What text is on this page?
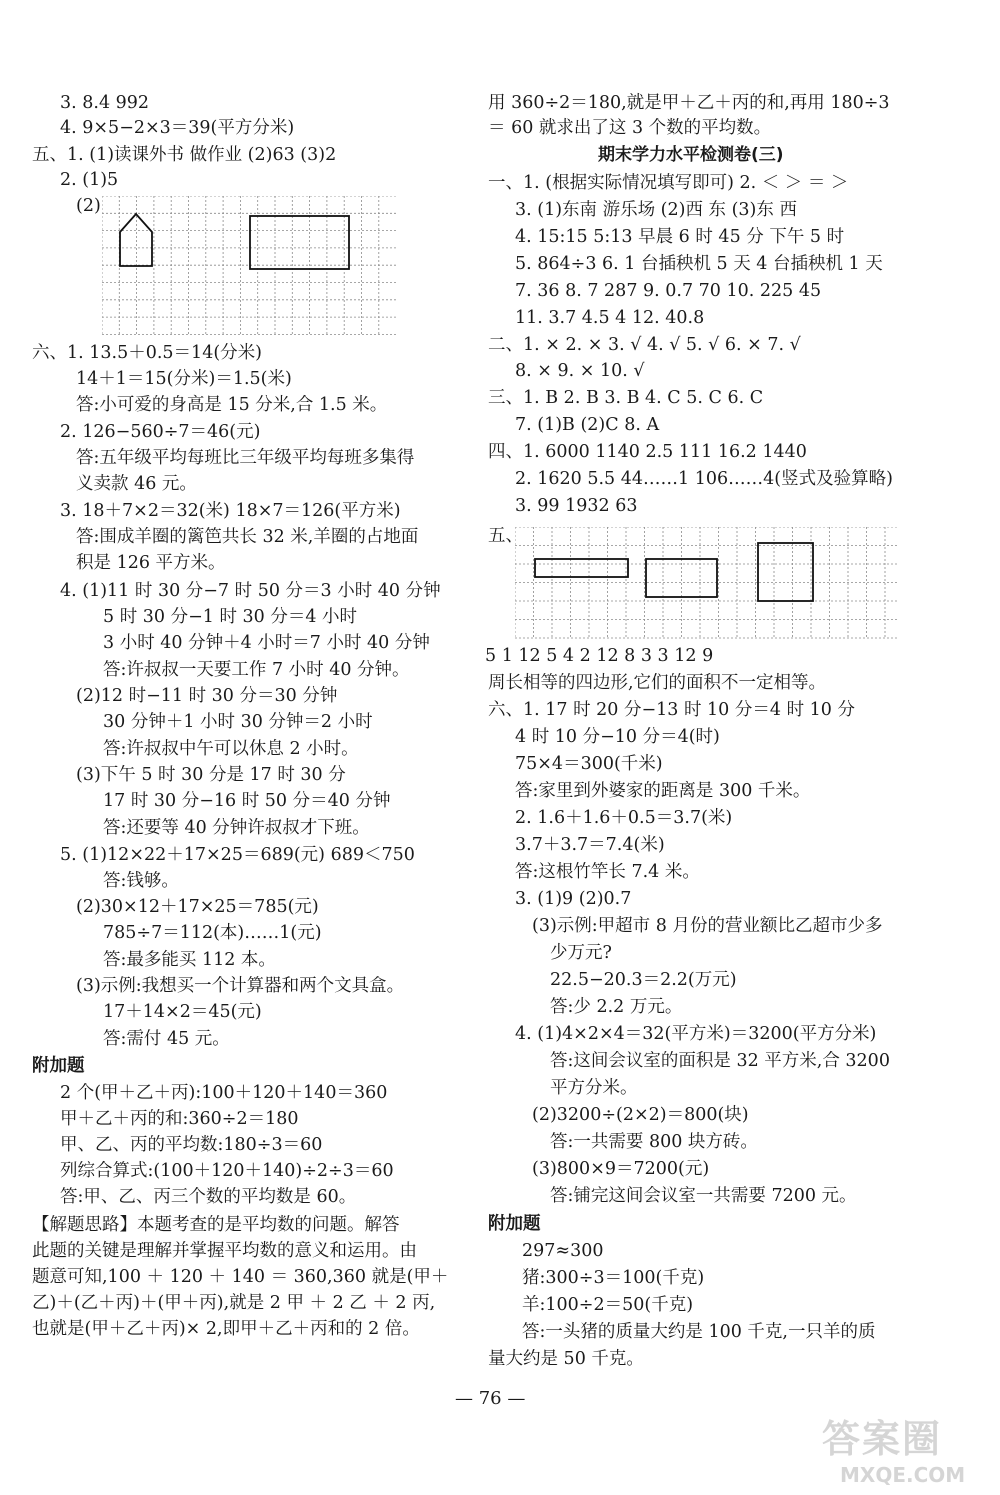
3. 8.4 992
4. 9×5−2×3＝39(平方分米)
五、1. (1)读课外书 做作业 (2)63 (3)2
2. (1)5
(2)
六、1. 13.5＋0.5＝14(分米)
14＋1＝15(分米)＝1.5(米)
答:小可爱的身高是 15 分米,合 1.5 米。
2. 126−560÷7＝46(元)
答:五年级平均每班比三年级平均每班多集得
义卖款 46 元。
3. 18＋7×2＝32(米) 18×7＝126(平方米)
答:围成羊圈的篱笆共长 32 米,羊圈的占地面
积是 126 平方米。
4. (1)11 时 30 分−7 时 50 分＝3 小时 40 分钟
5 时 30 分−1 时 30 分＝4 小时
3 小时 40 分钟＋4 小时＝7 小时 40 分钟
答:许叔叔一天要工作 7 小时 40 分钟。
(2)12 时−11 时 30 分＝30 分钟
30 分钟＋1 小时 30 分钟＝2 小时
答:许叔叔中午可以休息 2 小时。
(3)下午 5 时 30 分是 17 时 30 分
17 时 30 分−16 时 50 分＝40 分钟
答:还要等 40 分钟许叔叔才下班。
5. (1)12×22＋17×25＝689(元) 689＜750
答:钱够。
(2)30×12＋17×25＝785(元)
785÷7＝112(本)……1(元)
答:最多能买 112 本。
(3)示例:我想买一个计算器和两个文具盒。
17＋14×2＝45(元)
答:需付 45 元。
附加题
2 个(甲＋乙＋丙):100＋120＋140＝360
甲＋乙＋丙的和:360÷2＝180
甲、乙、丙的平均数:180÷3＝60
列综合算式:(100＋120＋140)÷2÷3＝60
答:甲、乙、丙三个数的平均数是 60。
【解题思路】本题考查的是平均数的问题。解答
此题的关键是理解并掌握平均数的意义和运用。由
题意可知,100 ＋ 120 ＋ 140 ＝ 360,360 就是(甲＋
乙)＋(乙＋丙)＋(甲＋丙),就是 2 甲 ＋ 2 乙 ＋ 2 丙,
也就是(甲＋乙＋丙)× 2,即甲＋乙＋丙和的 2 倍。
用 360÷2＝180,就是甲＋乙＋丙的和,再用 180÷3
＝ 60 就求出了这 3 个数的平均数。
期末学力水平检测卷(三)
一、1. (根据实际情况填写即可) 2. ＜ ＞ ＝ ＞
3. (1)东南 游乐场 (2)西 东 (3)东 西
4. 15:15 5:13 早晨 6 时 45 分 下午 5 时
5. 864÷3 6. 1 台插秧机 5 天 4 台插秧机 1 天
7. 36 8. 7 287 9. 0.7 70 10. 225 45
11. 3.7 4.5 4 12. 40.8
二、1. × 2. × 3. √ 4. √ 5. √ 6. × 7. √
8. × 9. × 10. √
三、1. B 2. B 3. B 4. C 5. C 6. C
7. (1)B (2)C 8. A
四、1. 6000 1140 2.5 111 16.2 1440
2. 1620 5.5 44……1 106……4(竖式及验算略)
3. 99 1932 63
五、
5 1 12 5 4 2 12 8 3 3 12 9
周长相等的四边形,它们的面积不一定相等。
六、1. 17 时 20 分−13 时 10 分＝4 时 10 分
4 时 10 分−10 分＝4(时)
75×4＝300(千米)
答:家里到外婆家的距离是 300 千米。
2. 1.6＋1.6＋0.5＝3.7(米)
3.7＋3.7＝7.4(米)
答:这根竹竿长 7.4 米。
3. (1)9 (2)0.7
(3)示例:甲超市 8 月份的营业额比乙超市少多
少万元?
22.5−20.3＝2.2(万元)
答:少 2.2 万元。
4. (1)4×2×4＝32(平方米)＝3200(平方分米)
答:这间会议室的面积是 32 平方米,合 3200
平方分米。
(2)3200÷(2×2)＝800(块)
答:一共需要 800 块方砖。
(3)800×9＝7200(元)
答:铺完这间会议室一共需要 7200 元。
附加题
297≈300
猪:300÷3＝100(千克)
羊:100÷2＝50(千克)
答:一头猪的质量大约是 100 千克,一只羊的质
量大约是 50 千克。
— 76 —
答案圈
MXQE.COM
